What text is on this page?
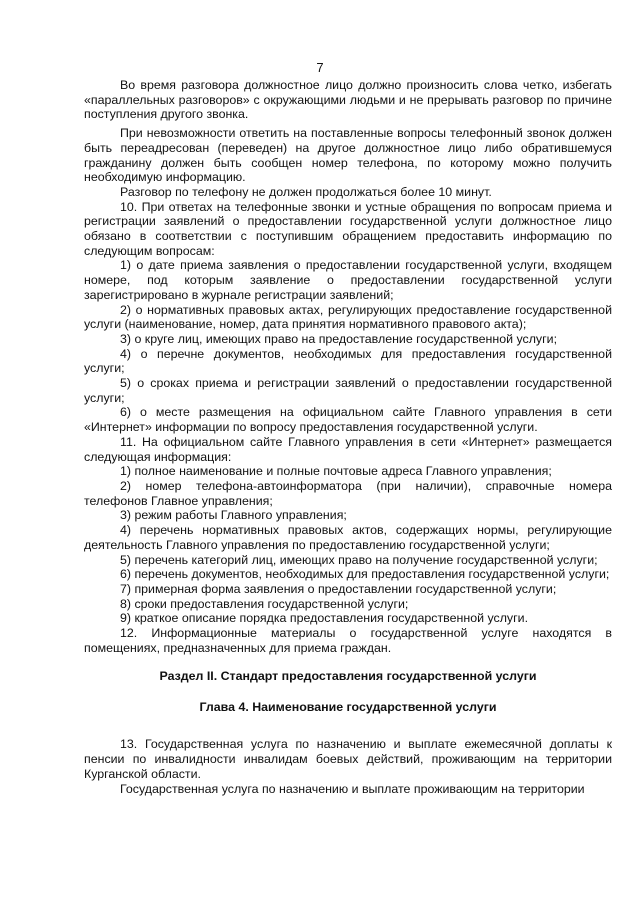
7

Во время разговора должностное лицо должно произносить слова четко, избегать «параллельных разговоров» с окружающими людьми и не прерывать разговор по причине поступления другого звонка.

При невозможности ответить на поставленные вопросы телефонный звонок должен быть переадресован (переведен) на другое должностное лицо либо обратившемуся гражданину должен быть сообщен номер телефона, по которому можно получить необходимую информацию.

Разговор по телефону не должен продолжаться более 10 минут.

10. При ответах на телефонные звонки и устные обращения по вопросам приема и регистрации заявлений о предоставлении государственной услуги должностное лицо обязано в соответствии с поступившим обращением предоставить информацию по следующим вопросам:

1) о дате приема заявления о предоставлении государственной услуги, входящем номере, под которым заявление о предоставлении государственной услуги зарегистрировано в журнале регистрации заявлений;

2) о нормативных правовых актах, регулирующих предоставление государственной услуги (наименование, номер, дата принятия нормативного правового акта);

3) о круге лиц, имеющих право на предоставление государственной услуги;

4) о перечне документов, необходимых для предоставления государственной услуги;

5) о сроках приема и регистрации заявлений о предоставлении государственной услуги;

6) о месте размещения на официальном сайте Главного управления в сети «Интернет» информации по вопросу предоставления государственной услуги.

11. На официальном сайте Главного управления в сети «Интернет» размещается следующая информация:

1) полное наименование и полные почтовые адреса Главного управления;

2) номер телефона-автоинформатора (при наличии), справочные номера телефонов Главное управления;

3) режим работы Главного управления;

4) перечень нормативных правовых актов, содержащих нормы, регулирующие деятельность Главного управления по предоставлению государственной услуги;

5) перечень категорий лиц, имеющих право на получение государственной услуги;

6) перечень документов, необходимых для предоставления государственной услуги;

7) примерная форма заявления о предоставлении государственной услуги;

8) сроки предоставления государственной услуги;

9) краткое описание порядка предоставления государственной услуги.

12. Информационные материалы о государственной услуге находятся в помещениях, предназначенных для приема граждан.

Раздел II. Стандарт предоставления государственной услуги

Глава 4. Наименование государственной услуги

13. Государственная услуга по назначению и выплате ежемесячной доплаты к пенсии по инвалидности инвалидам боевых действий, проживающим на территории Курганской области.

Государственная услуга по назначению и выплате проживающим на территории
